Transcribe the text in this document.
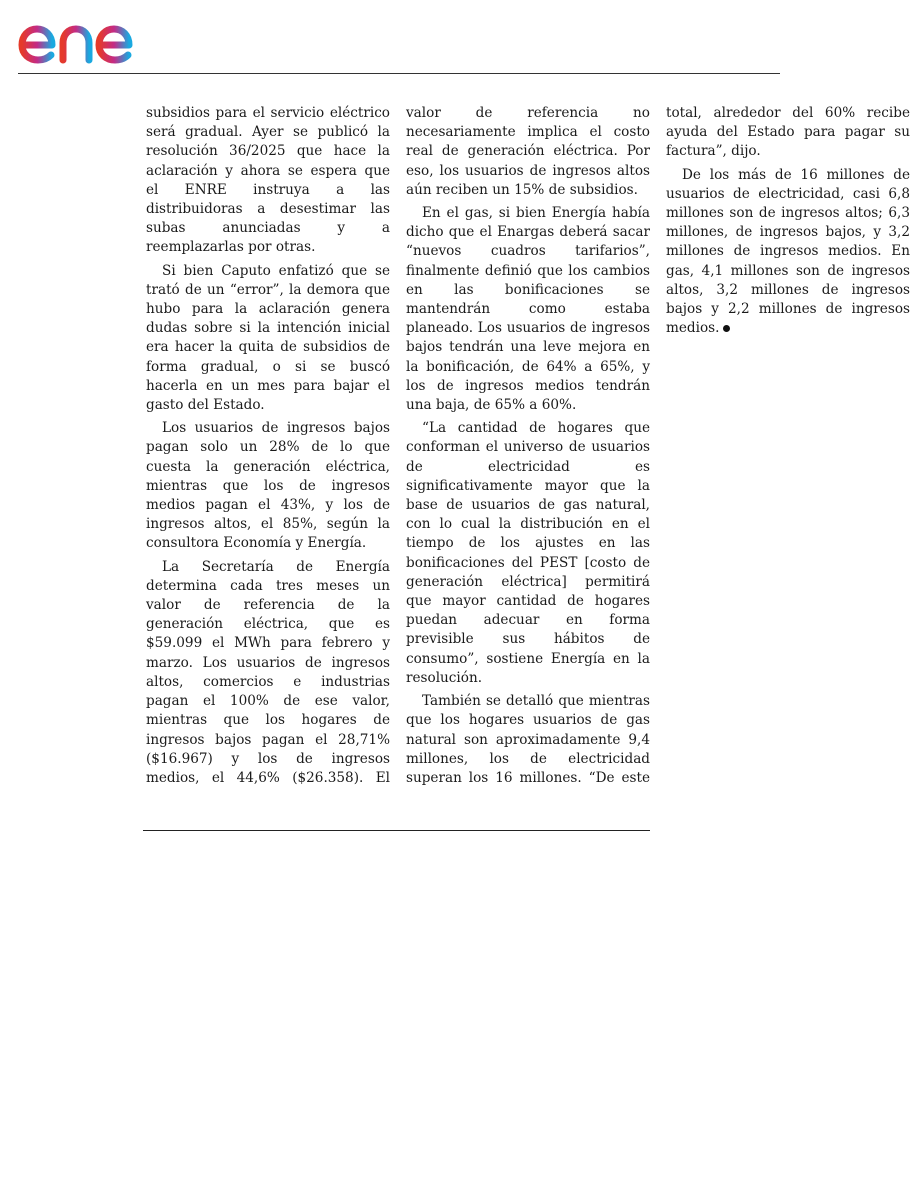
subsidios para el servicio eléctrico será gradual. Ayer se publicó la resolución 36/2025 que hace la aclaración y ahora se espera que el ENRE instruya a las distribuidoras a desestimar las subas anunciadas y a reemplazarlas por otras.

Si bien Caputo enfatizó que se trató de un “error”, la demora que hubo para la aclaración genera dudas sobre si la intención inicial era hacer la quita de subsidios de forma gradual, o si se buscó hacerla en un mes para bajar el gasto del Estado.

Los usuarios de ingresos bajos pagan solo un 28% de lo que cuesta la generación eléctrica, mientras que los de ingresos medios pagan el 43%, y los de ingresos altos, el 85%, según la consultora Economía y Energía.

La Secretaría de Energía determina cada tres meses un valor de referencia de la generación eléctrica, que es $59.099 el MWh para febrero y marzo. Los usuarios de ingresos altos, comercios e industrias pagan el 100% de ese valor, mientras que los hogares de ingresos bajos pagan el 28,71% ($16.967) y los de ingresos medios, el 44,6% ($26.358). El valor de referencia no necesariamente implica el costo real de generación eléctrica. Por eso, los usuarios de ingresos altos aún reciben un 15% de subsidios.

En el gas, si bien Energía había dicho que el Enargas deberá sacar “nuevos cuadros tarifarios”, finalmente definió que los cambios en las bonificaciones se mantendrán como estaba planeado. Los usuarios de ingresos bajos tendrán una leve mejora en la bonificación, de 64% a 65%, y los de ingresos medios tendrán una baja, de 65% a 60%.

“La cantidad de hogares que conforman el universo de usuarios de electricidad es significativamente mayor que la base de usuarios de gas natural, con lo cual la distribución en el tiempo de los ajustes en las bonificaciones del PEST [costo de generación eléctrica] permitirá que mayor cantidad de hogares puedan adecuar en forma previsible sus hábitos de consumo”, sostiene Energía en la resolución.

También se detalló que mientras que los hogares usuarios de gas natural son aproximadamente 9,4 millones, los de electricidad superan los 16 millones. “De este total, alrededor del 60% recibe ayuda del Estado para pagar su factura”, dijo.

De los más de 16 millones de usuarios de electricidad, casi 6,8 millones son de ingresos altos; 6,3 millones, de ingresos bajos, y 3,2 millones de ingresos medios. En gas, 4,1 millones son de ingresos altos, 3,2 millones de ingresos bajos y 2,2 millones de ingresos medios.
